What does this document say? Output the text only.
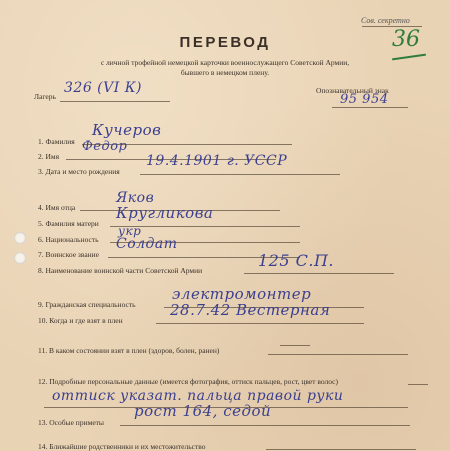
Сов. секретно
36
ПЕРЕВОД
с личной трофейной немецкой карточки военнослужащего Советской Армии,
бывшего в немецком плену.
Лагерь
326 (VI К)	Опознавательный знак
95 954
1. Фамилия
Кучеров
2. Имя
Федор
3. Дата и место рождения
19.4.1901 г. УССР
4. Имя отца
Яков
5. Фамилия матери
Кругликова
6. Национальность
укр
7. Воинское звание
Солдат
8. Наименование воинской части Советской Армии
125 С.П.
9. Гражданская специальность
электромонтер
10. Когда и где взят в плен
28.7.42 Вестерная
11. В каком состоянии взят в плен (здоров, болен, ранен)
12. Подробные персональные данные (имеется фотография, оттиск пальцев, рост, цвет волос)
оттиск указат. пальца правой руки
13. Особые приметы
рост 164, седой
14. Ближайшие родственники и их местожительство
